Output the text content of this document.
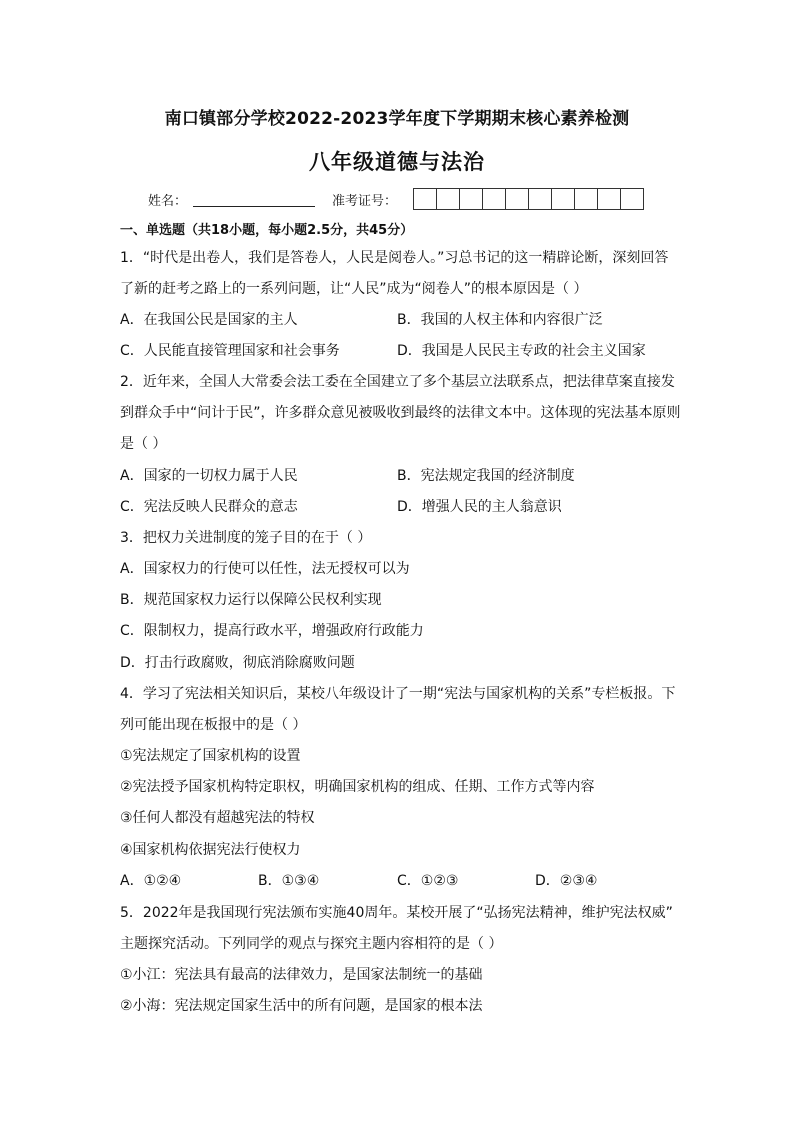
南口镇部分学校2022-2023学年度下学期期末核心素养检测
八年级道德与法治
姓名：	准考证号：
一、单选题（共18小题，每小题2.5分，共45分）
1．“时代是出卷人，我们是答卷人，人民是阅卷人。”习总书记的这一精辟论断，深刻回答
了新的赶考之路上的一系列问题，让“人民”成为“阅卷人”的根本原因是（ ）
A．在我国公民是国家的主人	B．我国的人权主体和内容很广泛
C．人民能直接管理国家和社会事务	D．我国是人民民主专政的社会主义国家
2．近年来，全国人大常委会法工委在全国建立了多个基层立法联系点，把法律草案直接发
到群众手中“问计于民”，许多群众意见被吸收到最终的法律文本中。这体现的宪法基本原则
是（ ）
A．国家的一切权力属于人民	B．宪法规定我国的经济制度
C．宪法反映人民群众的意志	D．增强人民的主人翁意识
3．把权力关进制度的笼子目的在于（ ）
A．国家权力的行使可以任性，法无授权可以为
B．规范国家权力运行以保障公民权利实现
C．限制权力，提高行政水平，增强政府行政能力
D．打击行政腐败，彻底消除腐败问题
4．学习了宪法相关知识后，某校八年级设计了一期“宪法与国家机构的关系”专栏板报。下
列可能出现在板报中的是（ ）
①宪法规定了国家机构的设置
②宪法授予国家机构特定职权，明确国家机构的组成、任期、工作方式等内容
③任何人都没有超越宪法的特权
④国家机构依据宪法行使权力
A．①②④	B．①③④	C．①②③	D．②③④
5．2022年是我国现行宪法颁布实施40周年。某校开展了“弘扬宪法精神，维护宪法权威”
主题探究活动。下列同学的观点与探究主题内容相符的是（ ）
①小江：宪法具有最高的法律效力，是国家法制统一的基础
②小海：宪法规定国家生活中的所有问题，是国家的根本法
